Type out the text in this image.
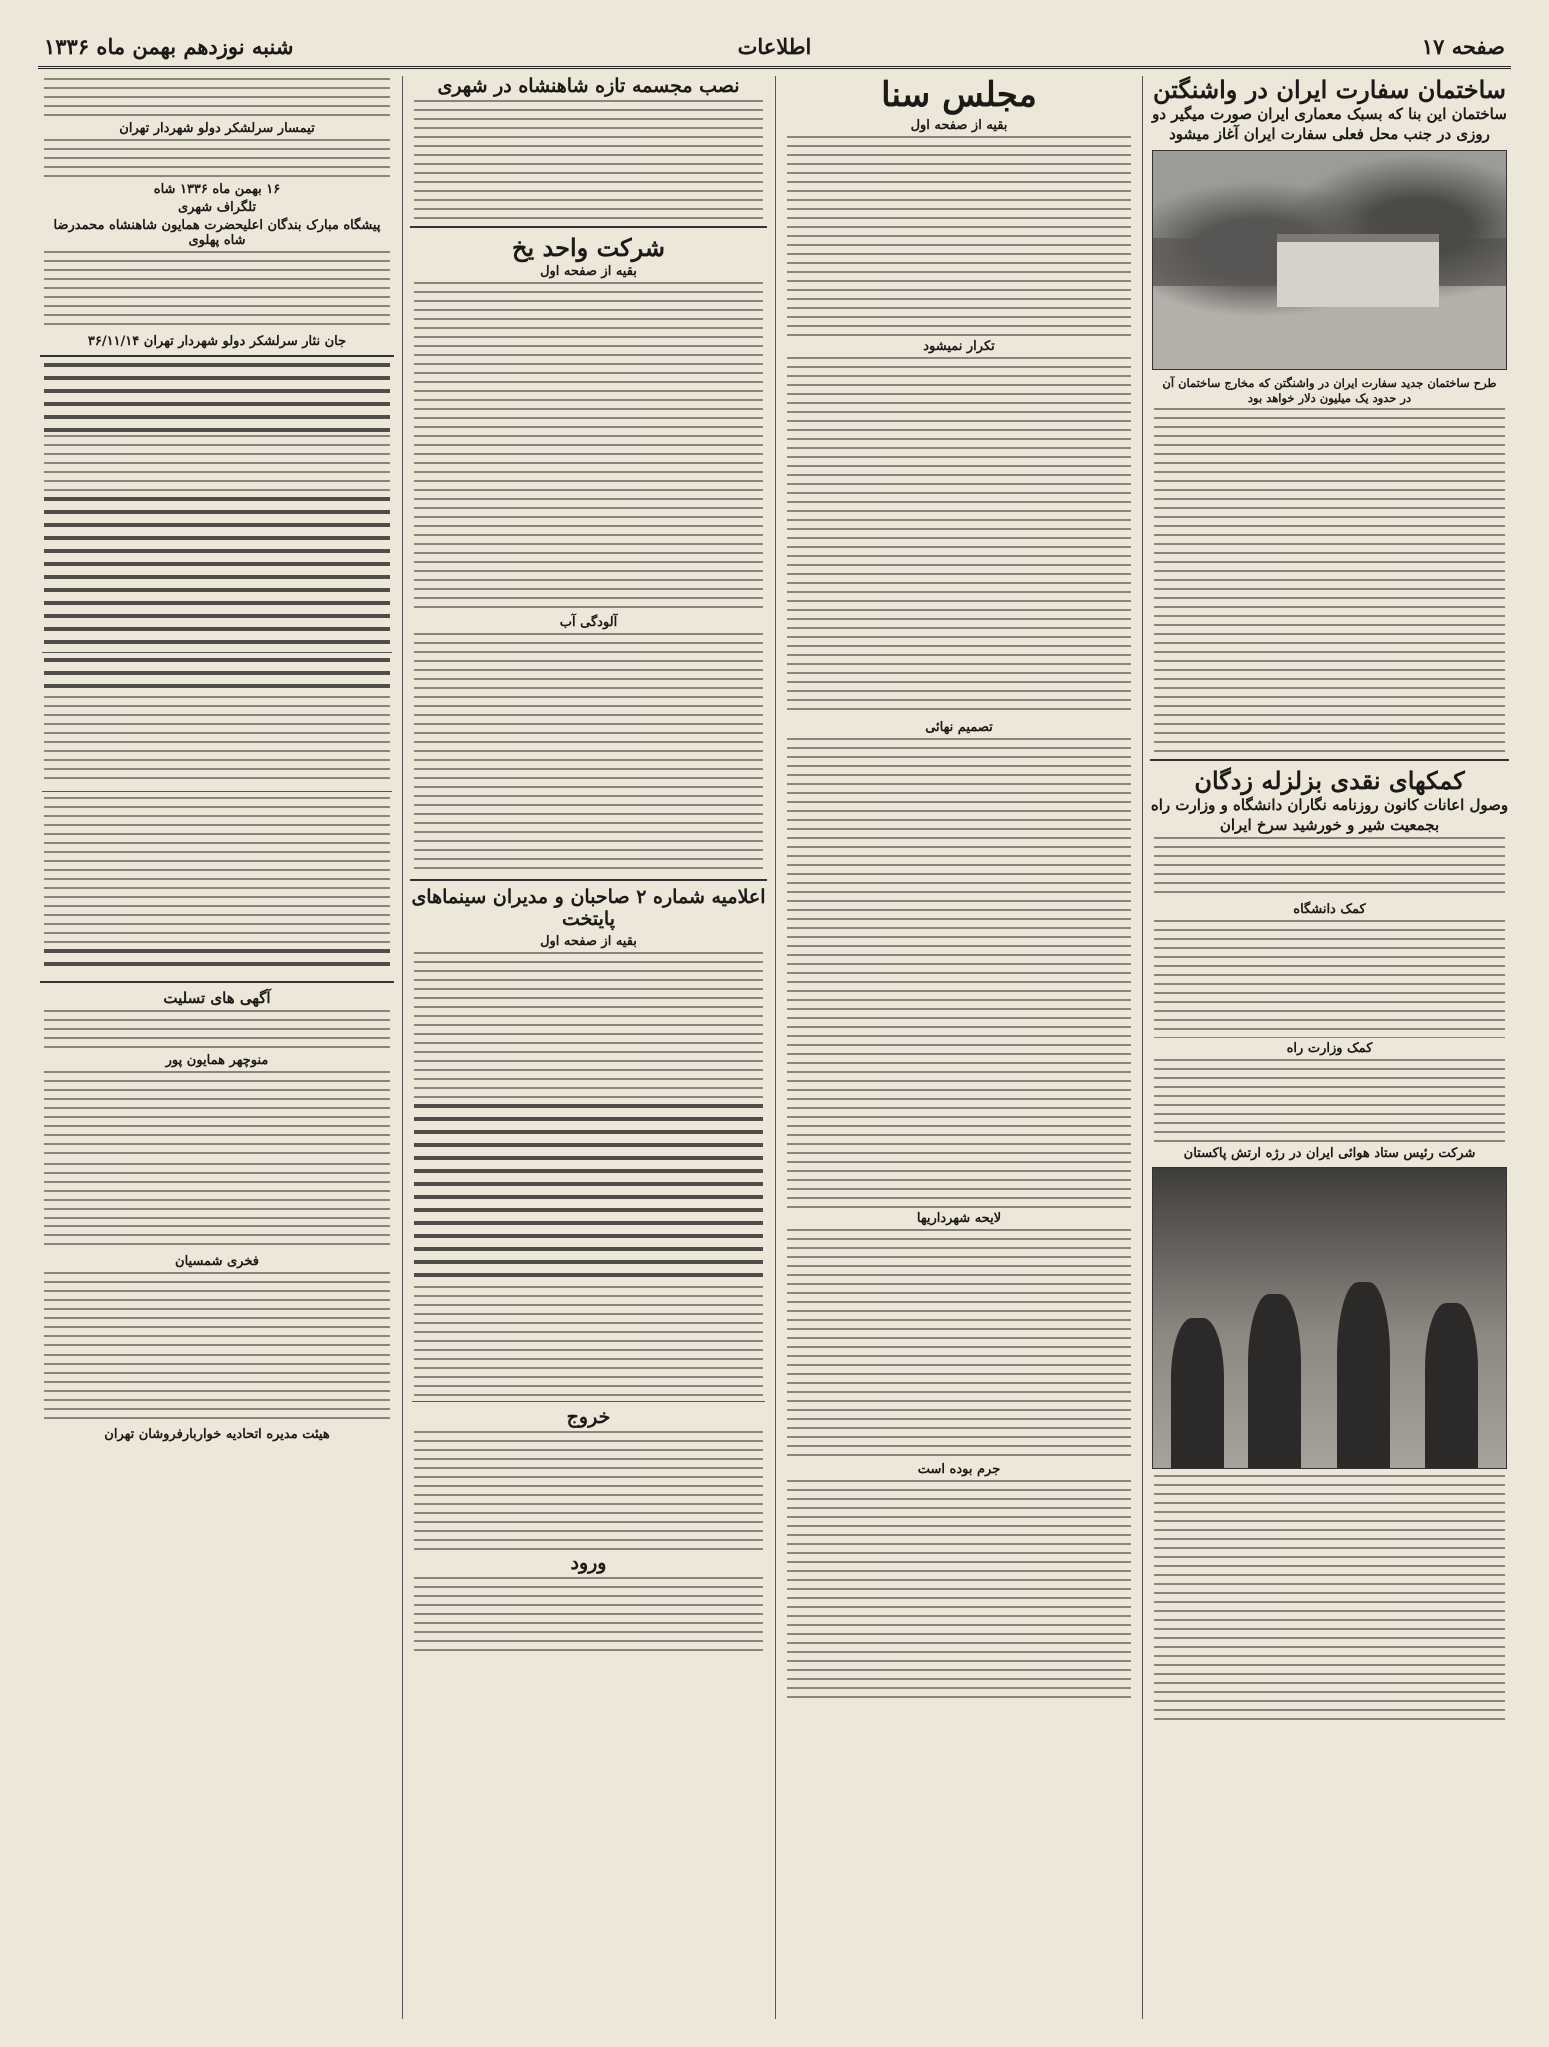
صفحه ۱۷
اطلاعات
شنبه نوزدهم بهمن ماه ۱۳۳۶
ساختمان سفارت ایران در واشنگتن
ساختمان این بنا که بسبک معماری ایران صورت میگیر دو روزی در جنب محل فعلی سفارت ایران آغاز میشود
طرح ساختمان جدید سفارت ایران در واشنگتن که مخارج ساختمان آن در حدود یک میلیون دلار خواهد بود
کمکهای نقدی بزلزله زدگان
وصول اعانات کانون روزنامه نگاران دانشگاه و وزارت راه بجمعیت شیر و خورشید سرخ ایران
کمک دانشگاه
کمک وزارت راه
شرکت رئیس ستاد هوائی ایران در رژه ارتش پاکستان
مجلس سنا
بقیه از صفحه اول
تکرار نمیشود
تصمیم نهائی
لایحه شهرداریها
جرم بوده است
نصب مجسمه تازه شاهنشاه در شهری
شرکت واحد یخ
بقیه از صفحه اول
آلودگی آب
اعلامیه شماره ۲ صاحبان و مدیران سینماهای پایتخت
بقیه از صفحه اول
خروج
ورود
تیمسار سرلشکر دولو شهردار تهران
۱۶ بهمن ماه ۱۳۳۶ شاه
تلگراف شهری
پیشگاه مبارک بندگان اعلیحضرت همایون شاهنشاه محمدرضا شاه پهلوی
جان نثار سرلشکر دولو شهردار تهران ۳۶/۱۱/۱۴
آگهی های تسلیت
منوچهر همایون پور
فخری شمسیان
هیئت مدیره اتحادیه خواربارفروشان تهران
